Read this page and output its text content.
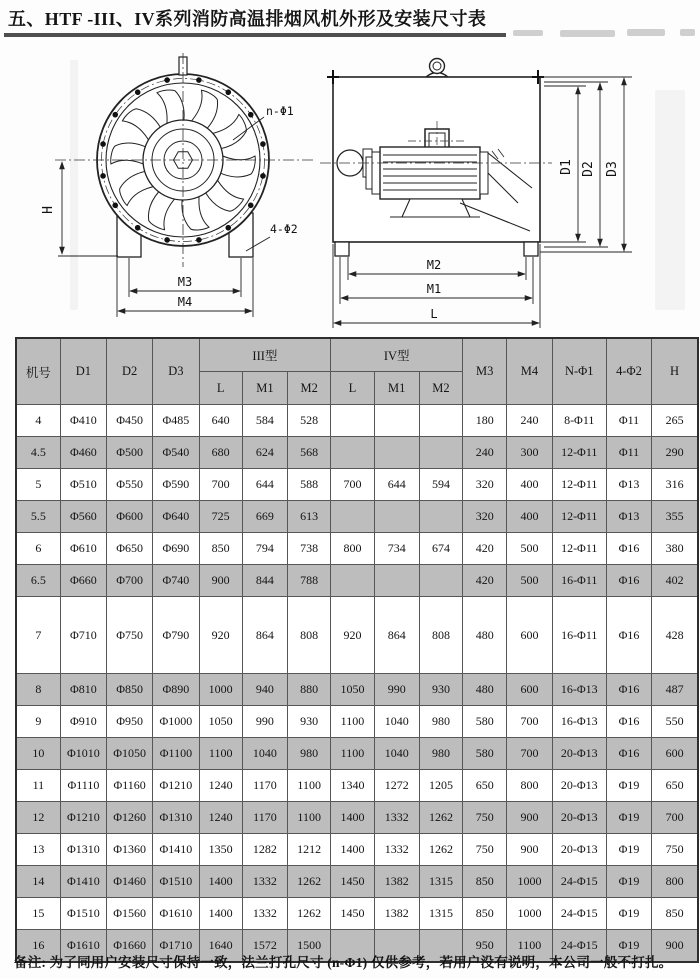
五、HTF -III、IV系列消防高温排烟风机外形及安装尺寸表
H
M3
M4
n-Φ1
4-Φ2
D1 D2 D3
M2
M1
L
机号	D1	D2	D3	III型			IV型			M3	M4	N-Φ1	4-Φ2	H
				L	M1	M2	L	M1	M2					
4	Φ410	Φ450	Φ485	640	584	528				180	240	8-Φ11	Φ11	265
4.5	Φ460	Φ500	Φ540	680	624	568				240	300	12-Φ11	Φ11	290
5	Φ510	Φ550	Φ590	700	644	588	700	644	594	320	400	12-Φ11	Φ13	316
5.5	Φ560	Φ600	Φ640	725	669	613				320	400	12-Φ11	Φ13	355
6	Φ610	Φ650	Φ690	850	794	738	800	734	674	420	500	12-Φ11	Φ16	380
6.5	Φ660	Φ700	Φ740	900	844	788				420	500	16-Φ11	Φ16	402
7	Φ710	Φ750	Φ790	920	864	808	920	864	808	480	600	16-Φ11	Φ16	428
8	Φ810	Φ850	Φ890	1000	940	880	1050	990	930	480	600	16-Φ13	Φ16	487
9	Φ910	Φ950	Φ1000	1050	990	930	1100	1040	980	580	700	16-Φ13	Φ16	550
10	Φ1010	Φ1050	Φ1100	1100	1040	980	1100	1040	980	580	700	20-Φ13	Φ16	600
11	Φ1110	Φ1160	Φ1210	1240	1170	1100	1340	1272	1205	650	800	20-Φ13	Φ19	650
12	Φ1210	Φ1260	Φ1310	1240	1170	1100	1400	1332	1262	750	900	20-Φ13	Φ19	700
13	Φ1310	Φ1360	Φ1410	1350	1282	1212	1400	1332	1262	750	900	20-Φ13	Φ19	750
14	Φ1410	Φ1460	Φ1510	1400	1332	1262	1450	1382	1315	850	1000	24-Φ15	Φ19	800
15	Φ1510	Φ1560	Φ1610	1400	1332	1262	1450	1382	1315	850	1000	24-Φ15	Φ19	850
16	Φ1610	Φ1660	Φ1710	1640	1572	1500				950	1100	24-Φ15	Φ19	900
备注: 为了同用户安装尺寸保持一致，法兰打孔尺寸 (n-Φ1) 仅供参考，若用户没有说明，本公司一般不打扎。
